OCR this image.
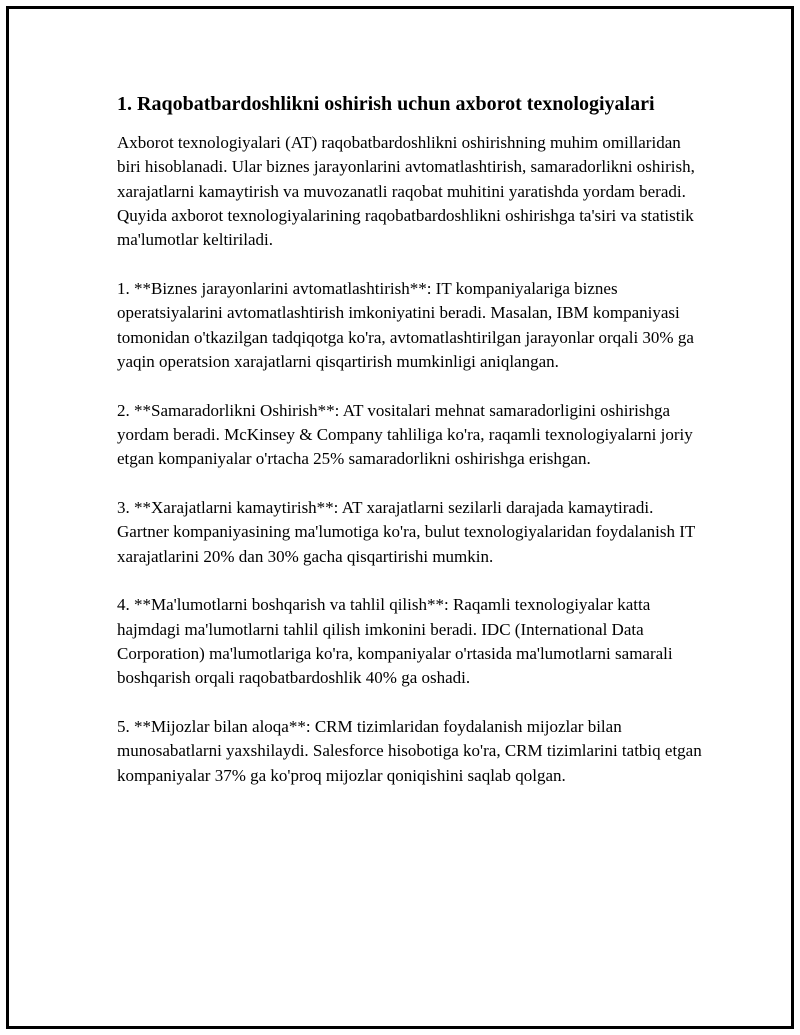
1. Raqobatbardoshlikni oshirish uchun axborot texnologiyalari

Axborot texnologiyalari (AT) raqobatbardoshlikni oshirishning muhim omillaridan biri hisoblanadi. Ular biznes jarayonlarini avtomatlashtirish, samaradorlikni oshirish, xarajatlarni kamaytirish va muvozanatli raqobat muhitini yaratishda yordam beradi. Quyida axborot texnologiyalarining raqobatbardoshlikni oshirishga ta'siri va statistik ma'lumotlar keltiriladi.

1. **Biznes jarayonlarini avtomatlashtirish**: IT kompaniyalariga biznes operatsiyalarini avtomatlashtirish imkoniyatini beradi. Masalan, IBM kompaniyasi tomonidan o'tkazilgan tadqiqotga ko'ra, avtomatlashtirilgan jarayonlar orqali 30% ga yaqin operatsion xarajatlarni qisqartirish mumkinligi aniqlangan.

2. **Samaradorlikni Oshirish**: AT vositalari mehnat samaradorligini oshirishga yordam beradi. McKinsey & Company tahliliga ko'ra, raqamli texnologiyalarni joriy etgan kompaniyalar o'rtacha 25% samaradorlikni oshirishga erishgan.

3. **Xarajatlarni kamaytirish**: AT xarajatlarni sezilarli darajada kamaytiradi. Gartner kompaniyasining ma'lumotiga ko'ra, bulut texnologiyalaridan foydalanish IT xarajatlarini 20% dan 30% gacha qisqartirishi mumkin.

4. **Ma'lumotlarni boshqarish va tahlil qilish**: Raqamli texnologiyalar katta hajmdagi ma'lumotlarni tahlil qilish imkonini beradi. IDC (International Data Corporation) ma'lumotlariga ko'ra, kompaniyalar o'rtasida ma'lumotlarni samarali boshqarish orqali raqobatbardoshlik 40% ga oshadi.

5. **Mijozlar bilan aloqa**: CRM tizimlaridan foydalanish mijozlar bilan munosabatlarni yaxshilaydi. Salesforce hisobotiga ko'ra, CRM tizimlarini tatbiq etgan kompaniyalar 37% ga ko'proq mijozlar qoniqishini saqlab qolgan.
